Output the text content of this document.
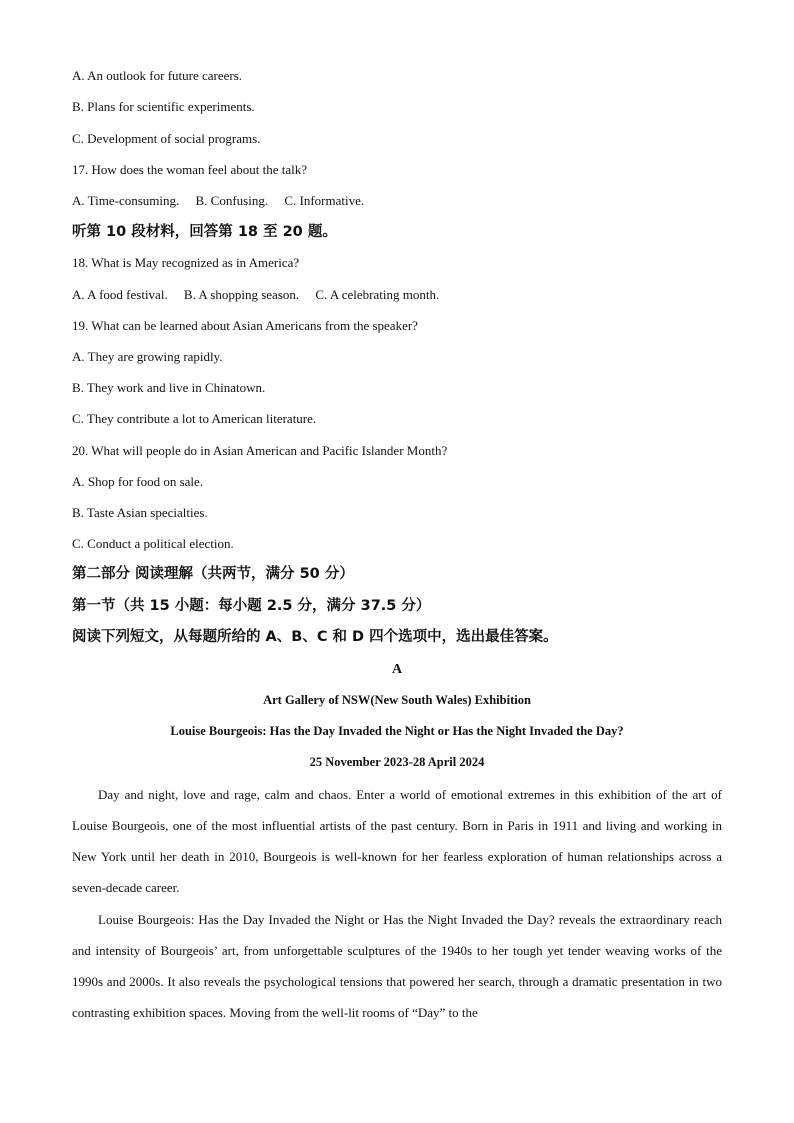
A. An outlook for future careers.
B. Plans for scientific experiments.
C. Development of social programs.
17. How does the woman feel about the talk?
A. Time-consuming.     B. Confusing.     C. Informative.
听第 10 段材料，回答第 18 至 20 题。
18. What is May recognized as in America?
A. A food festival.     B. A shopping season.     C. A celebrating month.
19. What can be learned about Asian Americans from the speaker?
A. They are growing rapidly.
B. They work and live in Chinatown.
C. They contribute a lot to American literature.
20. What will people do in Asian American and Pacific Islander Month?
A. Shop for food on sale.
B. Taste Asian specialties.
C. Conduct a political election.
第二部分 阅读理解（共两节，满分 50 分）
第一节（共 15 小题：每小题 2.5 分，满分 37.5 分）
阅读下列短文，从每题所给的 A、B、C 和 D 四个选项中，选出最佳答案。
A
Art Gallery of NSW(New South Wales) Exhibition
Louise Bourgeois: Has the Day Invaded the Night or Has the Night Invaded the Day?
25 November 2023-28 April 2024
Day and night, love and rage, calm and chaos. Enter a world of emotional extremes in this exhibition of the art of Louise Bourgeois, one of the most influential artists of the past century. Born in Paris in 1911 and living and working in New York until her death in 2010, Bourgeois is well-known for her fearless exploration of human relationships across a seven-decade career.
Louise Bourgeois: Has the Day Invaded the Night or Has the Night Invaded the Day? reveals the extraordinary reach and intensity of Bourgeois’ art, from unforgettable sculptures of the 1940s to her tough yet tender weaving works of the 1990s and 2000s. It also reveals the psychological tensions that powered her search, through a dramatic presentation in two contrasting exhibition spaces. Moving from the well-lit rooms of “Day” to the
